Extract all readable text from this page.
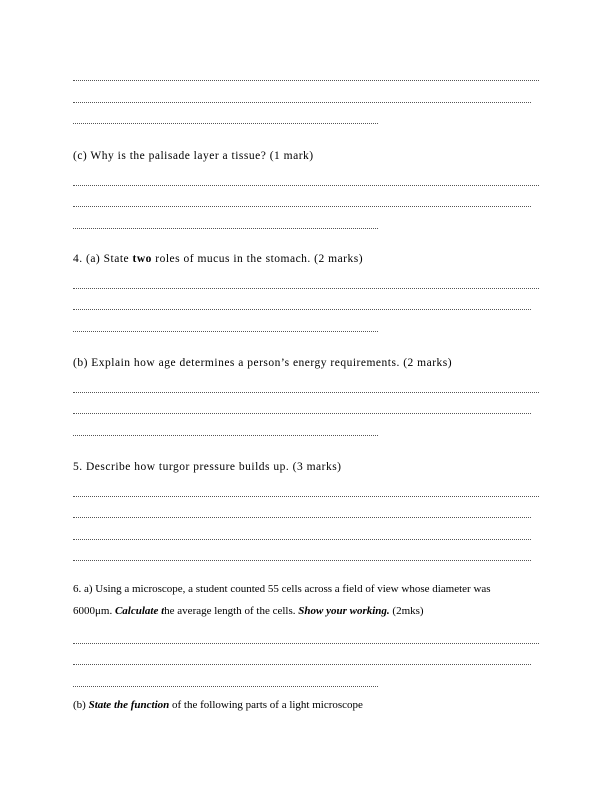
(c) Why is the palisade layer a tissue? (1 mark)
4. (a) State two roles of mucus in the stomach. (2 marks)
(b) Explain how age determines a person’s energy requirements. (2 marks)
5. Describe how turgor pressure builds up. (3 marks)
6. a) Using a microscope, a student counted 55 cells across a field of view whose diameter was
6000μm. Calculate the average length of the cells. Show your working. (2mks)
(b) State the function of the following parts of a light microscope
